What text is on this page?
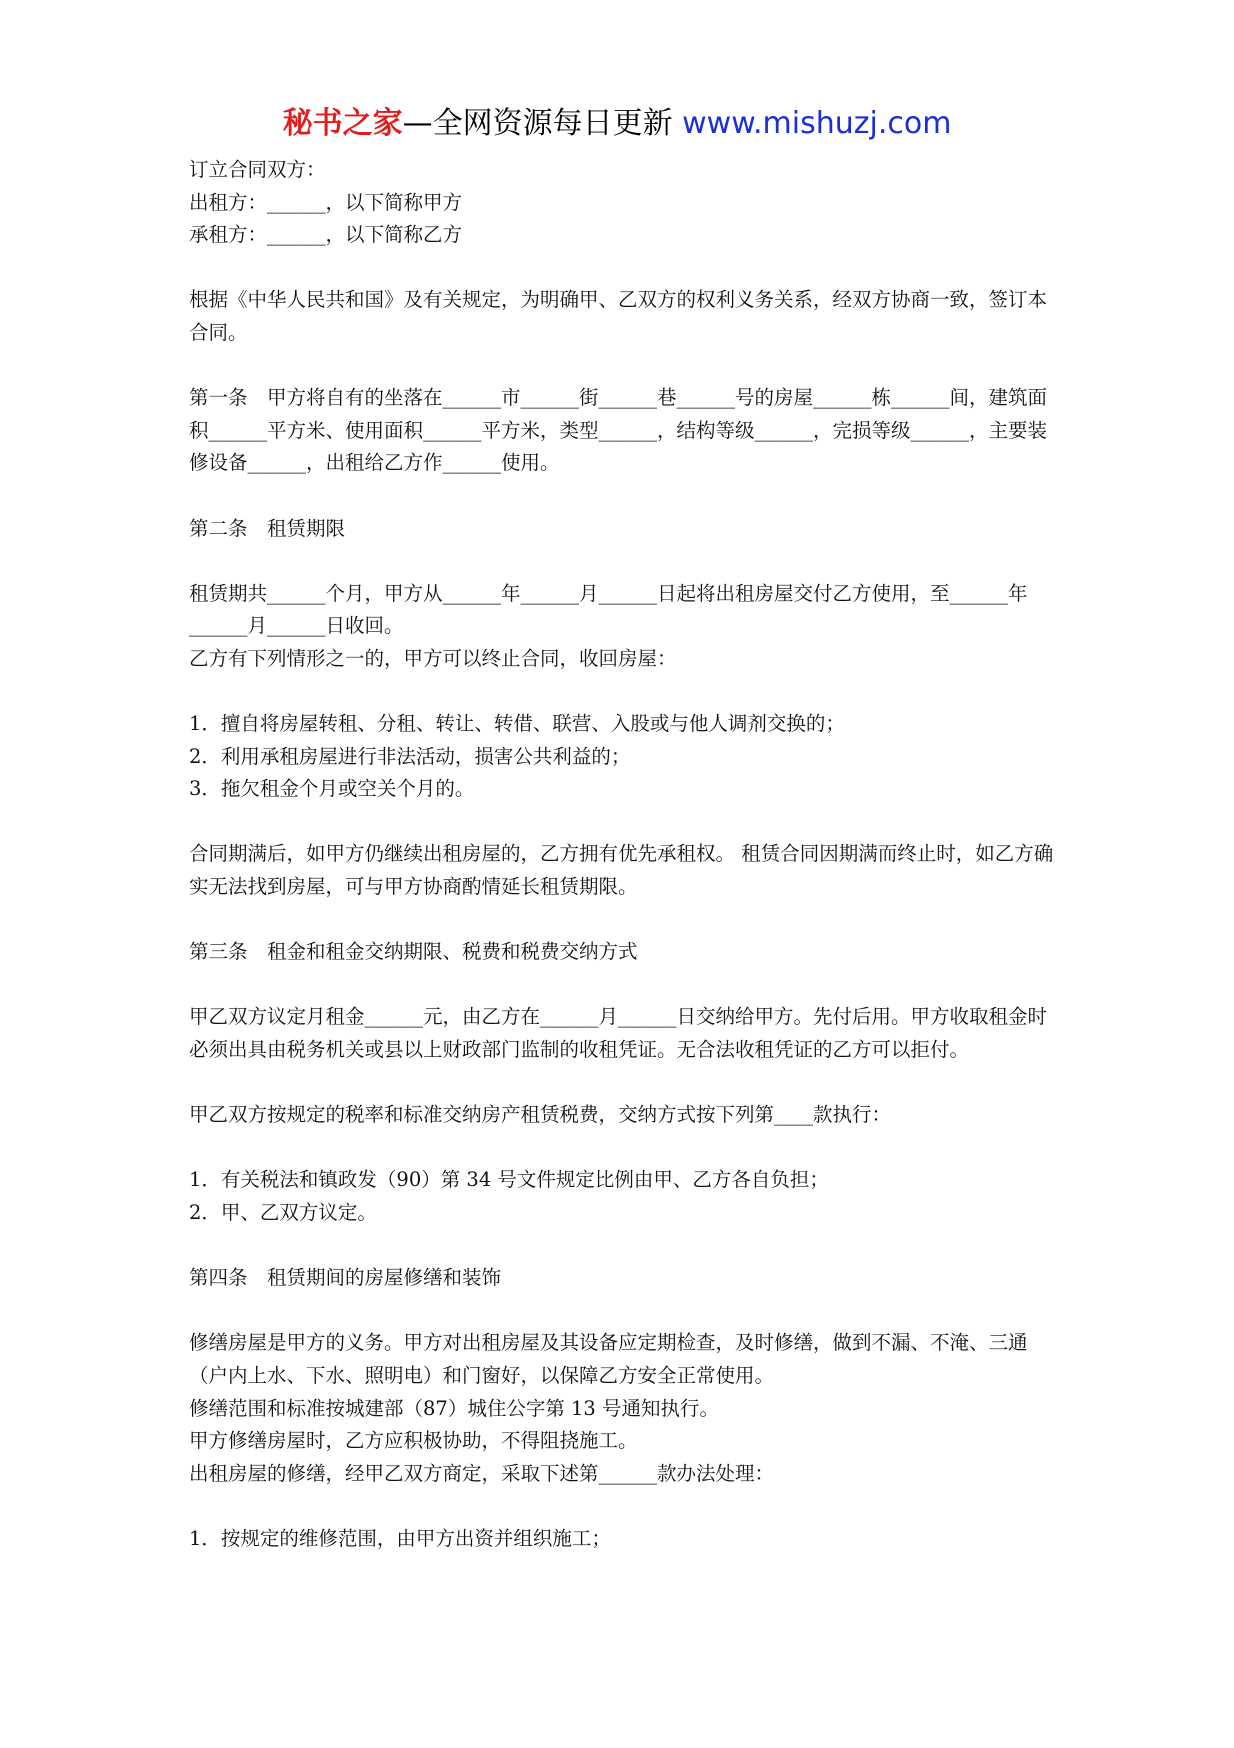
秘书之家—全网资源每日更新 www.mishuzj.com

订立合同双方：

出租方：______，以下简称甲方

承租方：______，以下简称乙方

根据《中华人民共和国》及有关规定，为明确甲、乙双方的权利义务关系，经双方协商一致，签订本合同。

第一条　甲方将自有的坐落在______市______街______巷______号的房屋______栋______间，建筑面积______平方米、使用面积______平方米，类型______，结构等级______，完损等级______，主要装修设备______，出租给乙方作______使用。

第二条　租赁期限

租赁期共______个月，甲方从______年______月______日起将出租房屋交付乙方使用，至______年______月______日收回。

乙方有下列情形之一的，甲方可以终止合同，收回房屋：

1．擅自将房屋转租、分租、转让、转借、联营、入股或与他人调剂交换的；

2．利用承租房屋进行非法活动，损害公共利益的；

3．拖欠租金个月或空关个月的。

合同期满后，如甲方仍继续出租房屋的，乙方拥有优先承租权。 租赁合同因期满而终止时，如乙方确实无法找到房屋，可与甲方协商酌情延长租赁期限。

第三条　租金和租金交纳期限、税费和税费交纳方式

甲乙双方议定月租金______元，由乙方在______月______日交纳给甲方。先付后用。甲方收取租金时必须出具由税务机关或县以上财政部门监制的收租凭证。无合法收租凭证的乙方可以拒付。

甲乙双方按规定的税率和标准交纳房产租赁税费，交纳方式按下列第____款执行：

1．有关税法和镇政发（90）第 34 号文件规定比例由甲、乙方各自负担；

2．甲、乙双方议定。

第四条　租赁期间的房屋修缮和装饰

修缮房屋是甲方的义务。甲方对出租房屋及其设备应定期检查，及时修缮，做到不漏、不淹、三通（户内上水、下水、照明电）和门窗好，以保障乙方安全正常使用。

修缮范围和标准按城建部（87）城住公字第 13 号通知执行。

甲方修缮房屋时，乙方应积极协助，不得阻挠施工。

出租房屋的修缮，经甲乙双方商定，采取下述第______款办法处理：

1．按规定的维修范围，由甲方出资并组织施工；
